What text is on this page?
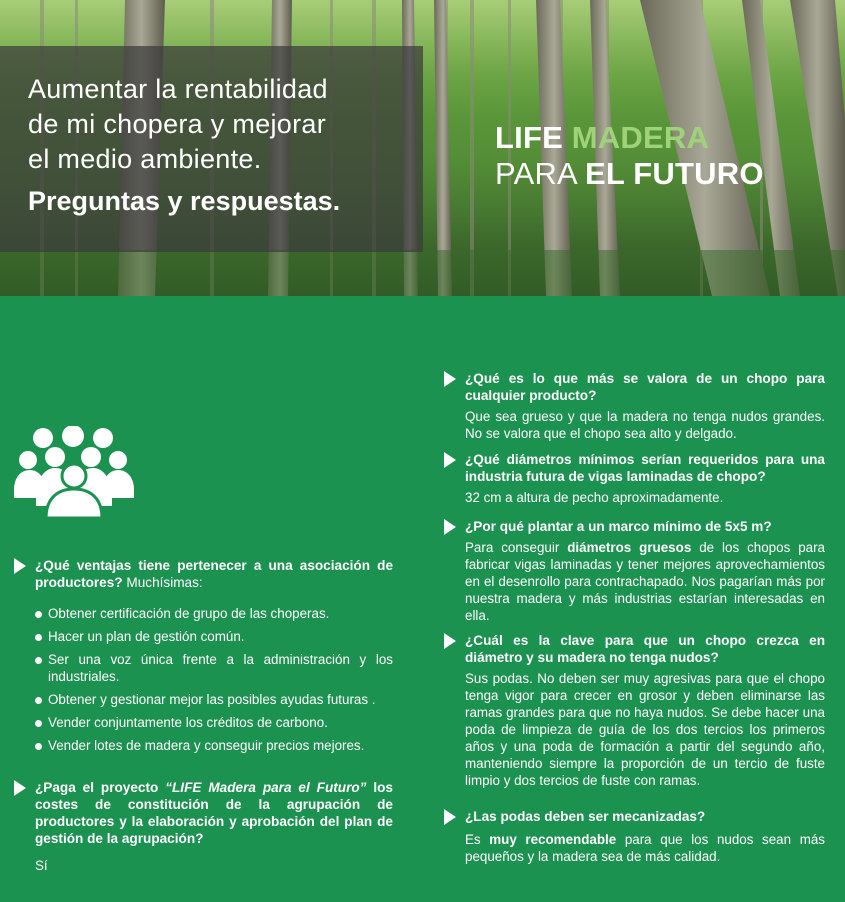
Aumentar la rentabilidad
de mi chopera y mejorar
el medio ambiente.
Preguntas y respuestas.
LIFE MADERA
PARA EL FUTURO
¿Qué ventajas tiene pertenecer a una asociación de productores? Muchísimas:
Obtener certificación de grupo de las choperas.
Hacer un plan de gestión común.
Ser una voz única frente a la administración y los industriales.
Obtener y gestionar mejor las posibles ayudas futuras .
Vender conjuntamente los créditos de carbono.
Vender lotes de madera y conseguir precios mejores.
¿Paga el proyecto “LIFE Madera para el Futuro” los costes de constitución de la agrupación de productores y la elaboración y aprobación del plan de gestión de la agrupación?
Sí
¿Qué es lo que más se valora de un chopo para cualquier producto?
Que sea grueso y que la madera no tenga nudos grandes. No se valora que el chopo sea alto y delgado.
¿Qué diámetros mínimos serían requeridos para una industria futura de vigas laminadas de chopo?
32 cm a altura de pecho aproximadamente.
¿Por qué plantar a un marco mínimo de 5x5 m?
Para conseguir diámetros gruesos de los chopos para fabricar vigas laminadas y tener mejores aprovechamientos en el desenrollo para contrachapado. Nos pagarían más por nuestra madera y más industrias estarían interesadas en ella.
¿Cuál es la clave para que un chopo crezca en diámetro y su madera no tenga nudos?
Sus podas. No deben ser muy agresivas para que el chopo tenga vigor para crecer en grosor y deben eliminarse las ramas grandes para que no haya nudos. Se debe hacer una poda de limpieza de guía de los dos tercios los primeros años y una poda de formación a partir del segundo año, manteniendo siempre la proporción de un tercio de fuste limpio y dos tercios de fuste con ramas.
¿Las podas deben ser mecanizadas?
Es muy recomendable para que los nudos sean más pequeños y la madera sea de más calidad.
